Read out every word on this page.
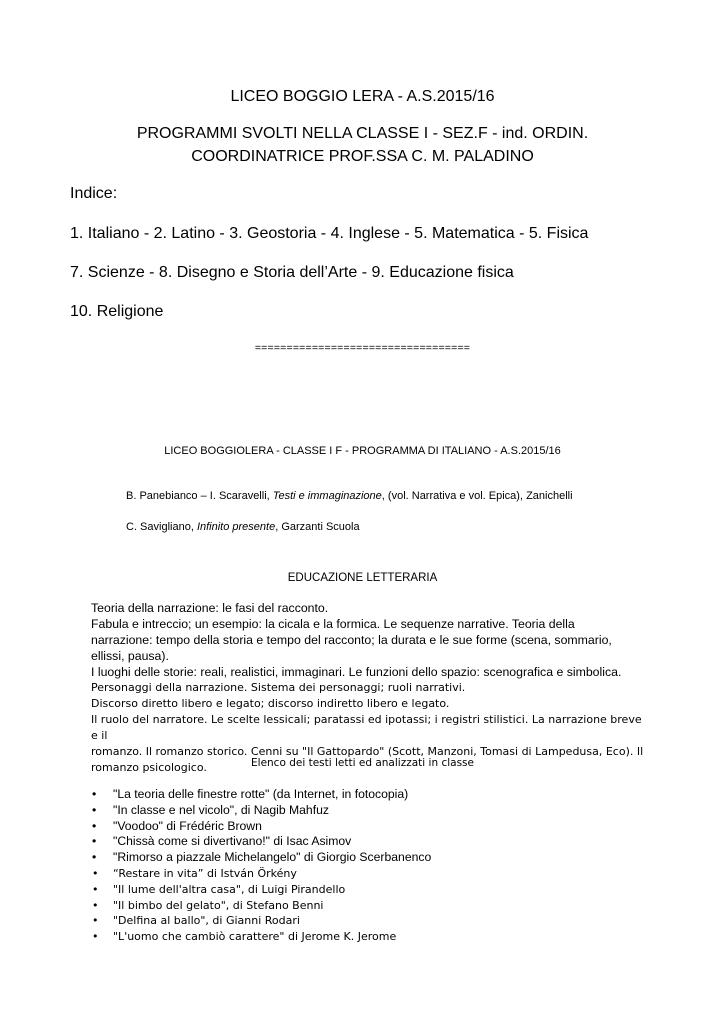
LICEO BOGGIO LERA - A.S.2015/16
PROGRAMMI SVOLTI NELLA CLASSE I - SEZ.F - ind. ORDIN.
COORDINATRICE PROF.SSA C. M. PALADINO
Indice:
1. Italiano - 2. Latino - 3. Geostoria - 4. Inglese - 5. Matematica - 5. Fisica
7. Scienze - 8. Disegno e Storia dell’Arte - 9. Educazione fisica
10. Religione
==================================
LICEO BOGGIOLERA - CLASSE I F - PROGRAMMA DI ITALIANO - A.S.2015/16
B. Panebianco – I. Scaravelli, Testi e immaginazione, (vol. Narrativa e vol. Epica), Zanichelli
C. Savigliano, Infinito presente, Garzanti Scuola
EDUCAZIONE LETTERARIA
Teoria della narrazione: le fasi del racconto.
Fabula e intreccio; un esempio: la cicala e la formica. Le sequenze narrative. Teoria della
narrazione: tempo della storia e tempo del racconto; la durata e le sue forme (scena, sommario,
ellissi, pausa).
I luoghi delle storie: reali, realistici, immaginari. Le funzioni dello spazio: scenografica e simbolica.
Personaggi della narrazione. Sistema dei personaggi; ruoli narrativi.
Discorso diretto libero e legato; discorso indiretto libero e legato.
Il ruolo del narratore. Le scelte lessicali; paratassi ed ipotassi; i registri stilistici. La narrazione breve e il
romanzo. Il romanzo storico. Cenni su "Il Gattopardo" (Scott, Manzoni, Tomasi di Lampedusa, Eco). Il
romanzo psicologico.	Elenco dei testi letti ed analizzati in classe
• "La teoria delle finestre rotte" (da Internet, in fotocopia)
• "In classe e nel vicolo", di Nagib Mahfuz
• "Voodoo" di Frédéric Brown
• "Chissà come si divertivano!" di Isac Asimov
• "Rimorso a piazzale Michelangelo" di Giorgio Scerbanenco
• “Restare in vita” di István Örkény
• "Il lume dell'altra casa", di Luigi Pirandello
• "Il bimbo del gelato", di Stefano Benni
• "Delfina al ballo", di Gianni Rodari
• "L'uomo che cambiò carattere" di Jerome K. Jerome
